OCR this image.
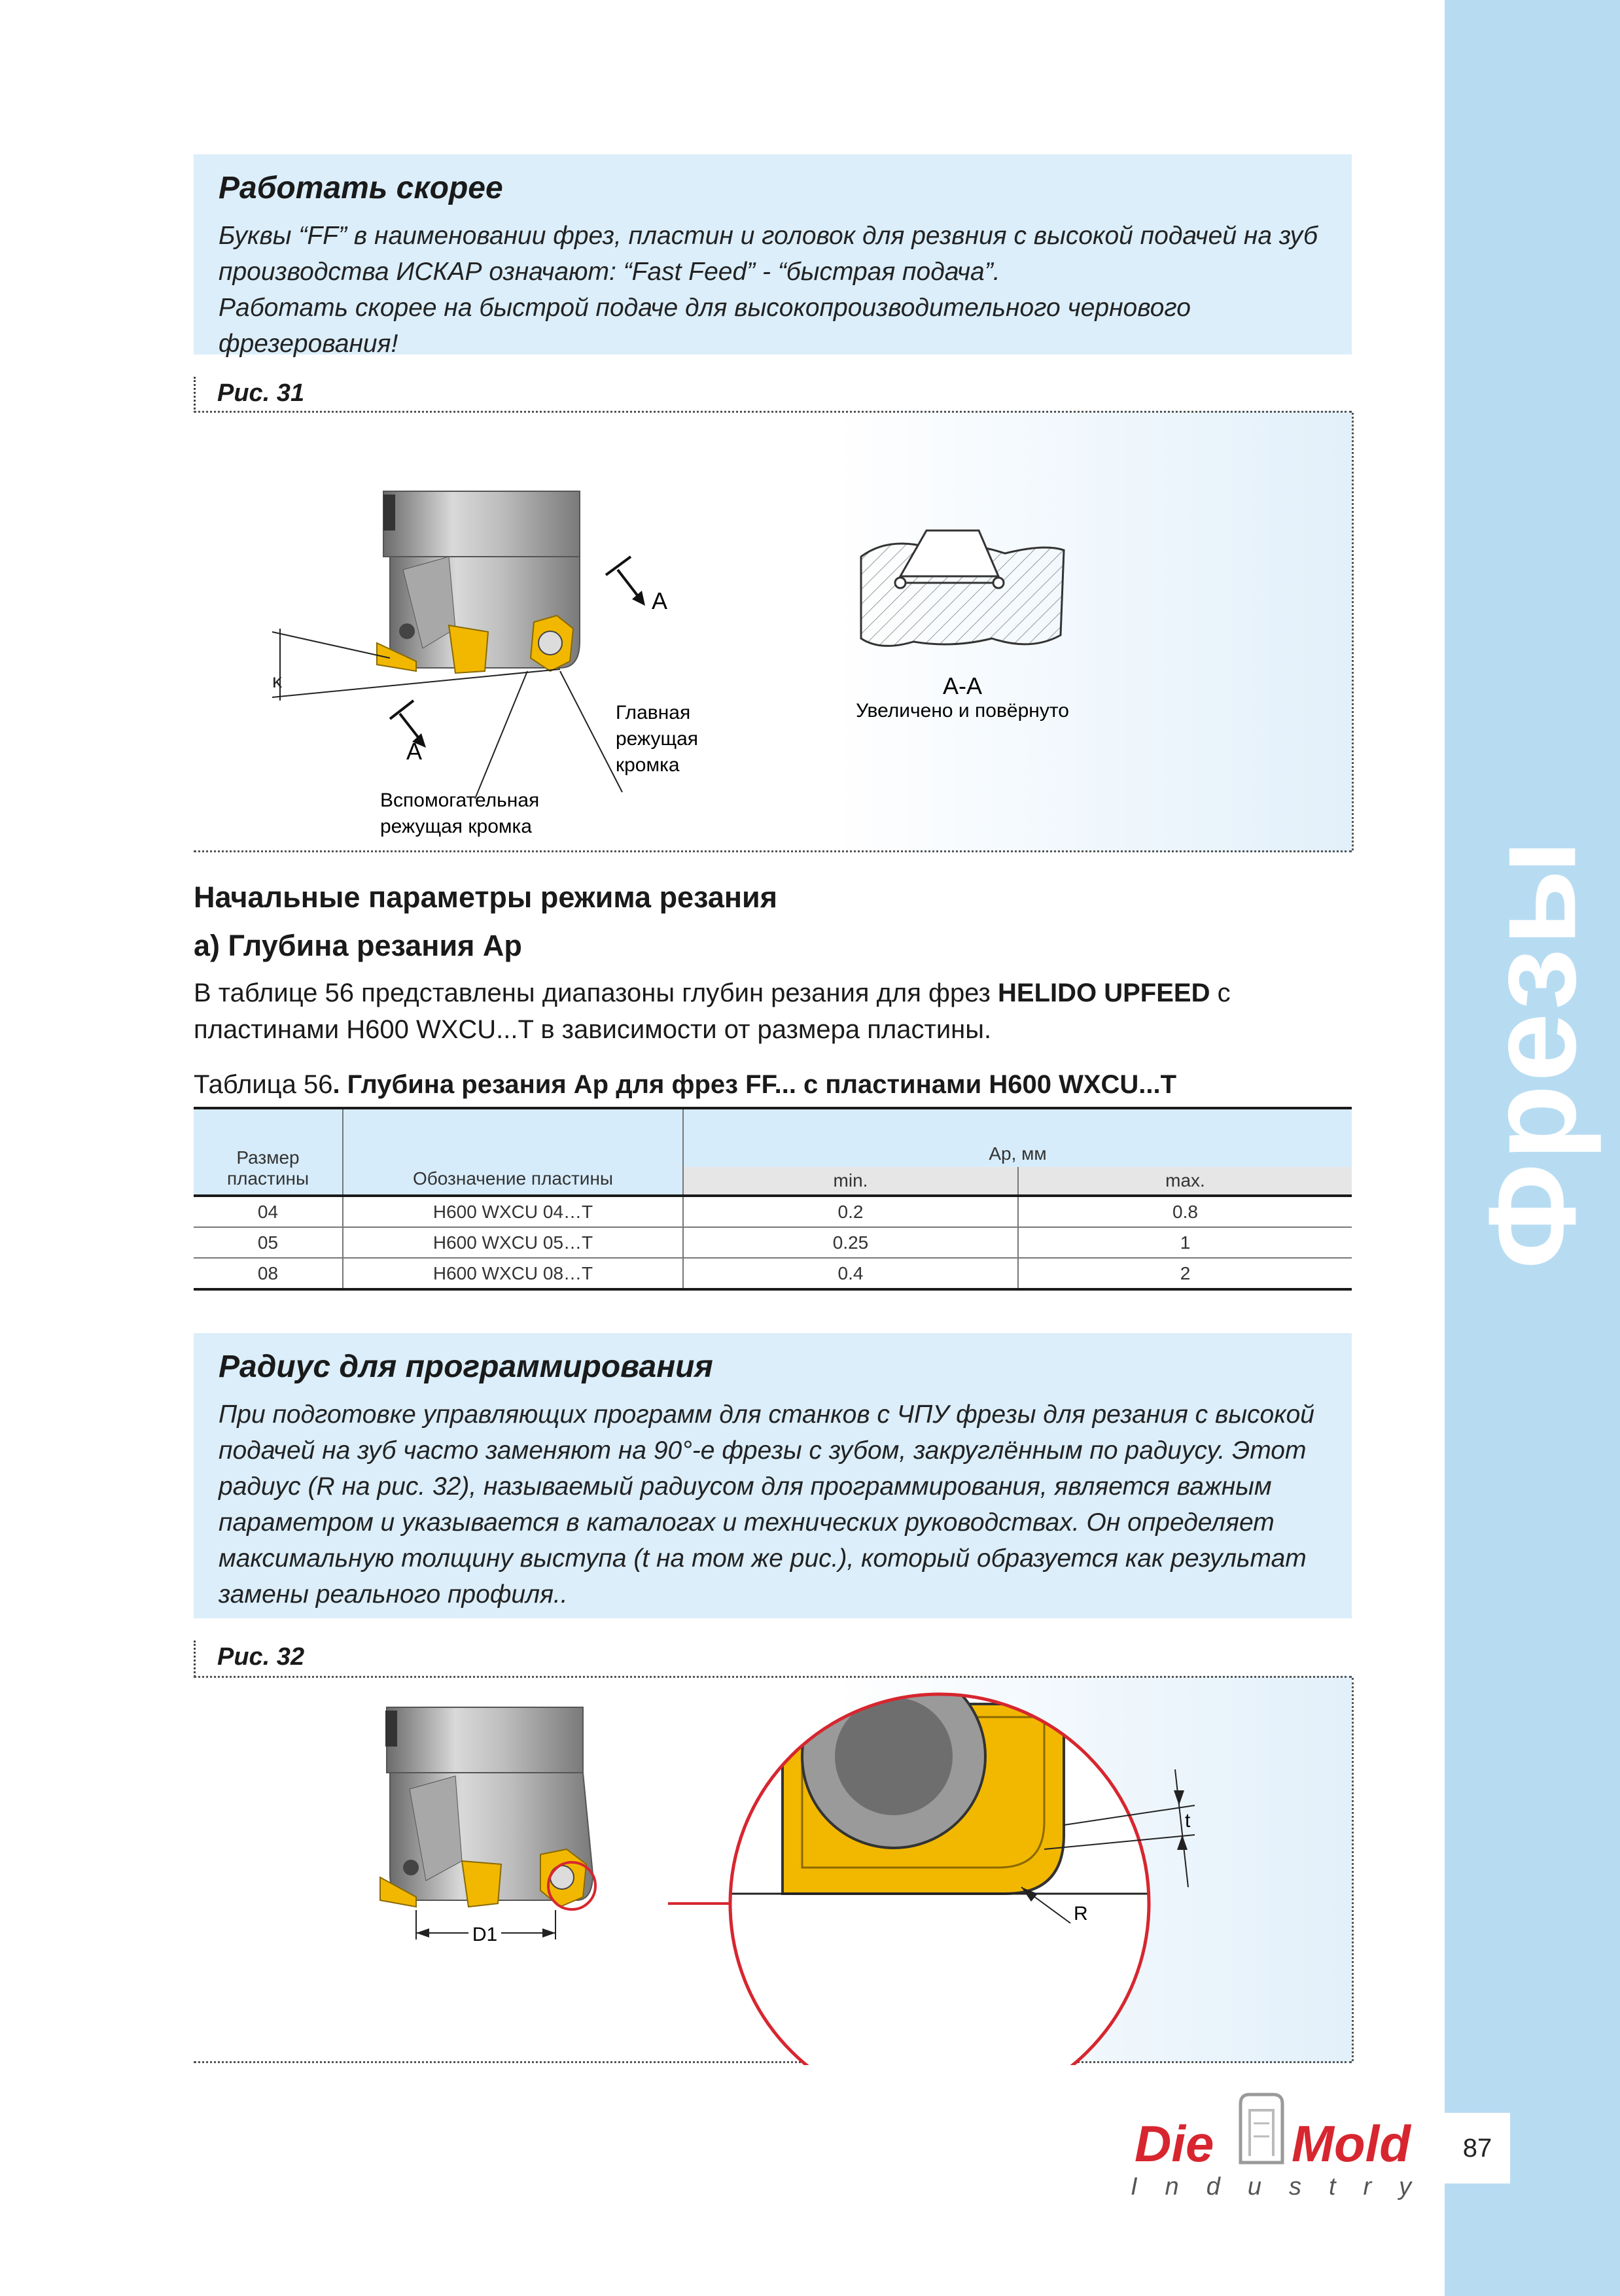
Фрезы
Работать скорее

Буквы “FF” в наименовании фрез, пластин и головок для резвния с высокой подачей на зуб

производства ИСКАР означают: “Fast Feed” - “быстрая подача”.

Работать скорее на быстрой подаче для высокопроизводительного чернового

фрезерования!

Рис. 31
κ
A
A
Главная
режущая
кромка
Вспомогательная
режущая кромка
A-A
Увеличено и повёрнуто
Начальные параметры режима резания
а) Глубина резания Ap
В таблице 56 представлены диапазоны глубин резания для фрез HELIDO UPFEED с
пластинами H600 WXCU...T в зависимости от размера пластины.
Таблица 56. Глубина резания Ap для фрез FF... с пластинами H600 WXCU...T
Размер
пластины	Обозначение пластины	Ap, мм	
		min.	max.
04	H600 WXCU 04…T	0.2	0.8
05	H600 WXCU 05…T	0.25	1
08	H600 WXCU 08…T	0.4	2
Радиус для программирования

При подготовке управляющих программ для станков с ЧПУ фрезы для резания с высокой

подачей на зуб часто заменяют на 90°-е фрезы с зубом, закруглённым по радиусу. Этот

радиус (R на рис. 32), называемый радиусом для программирования, является важным

параметром и указывается в каталогах и технических руководствах. Он определяет

максимальную толщину выступа (t на том же рис.), который образуется как результат

замены реального профиля..

Рис. 32
D1
t
R
Die Mold
Industry
87
